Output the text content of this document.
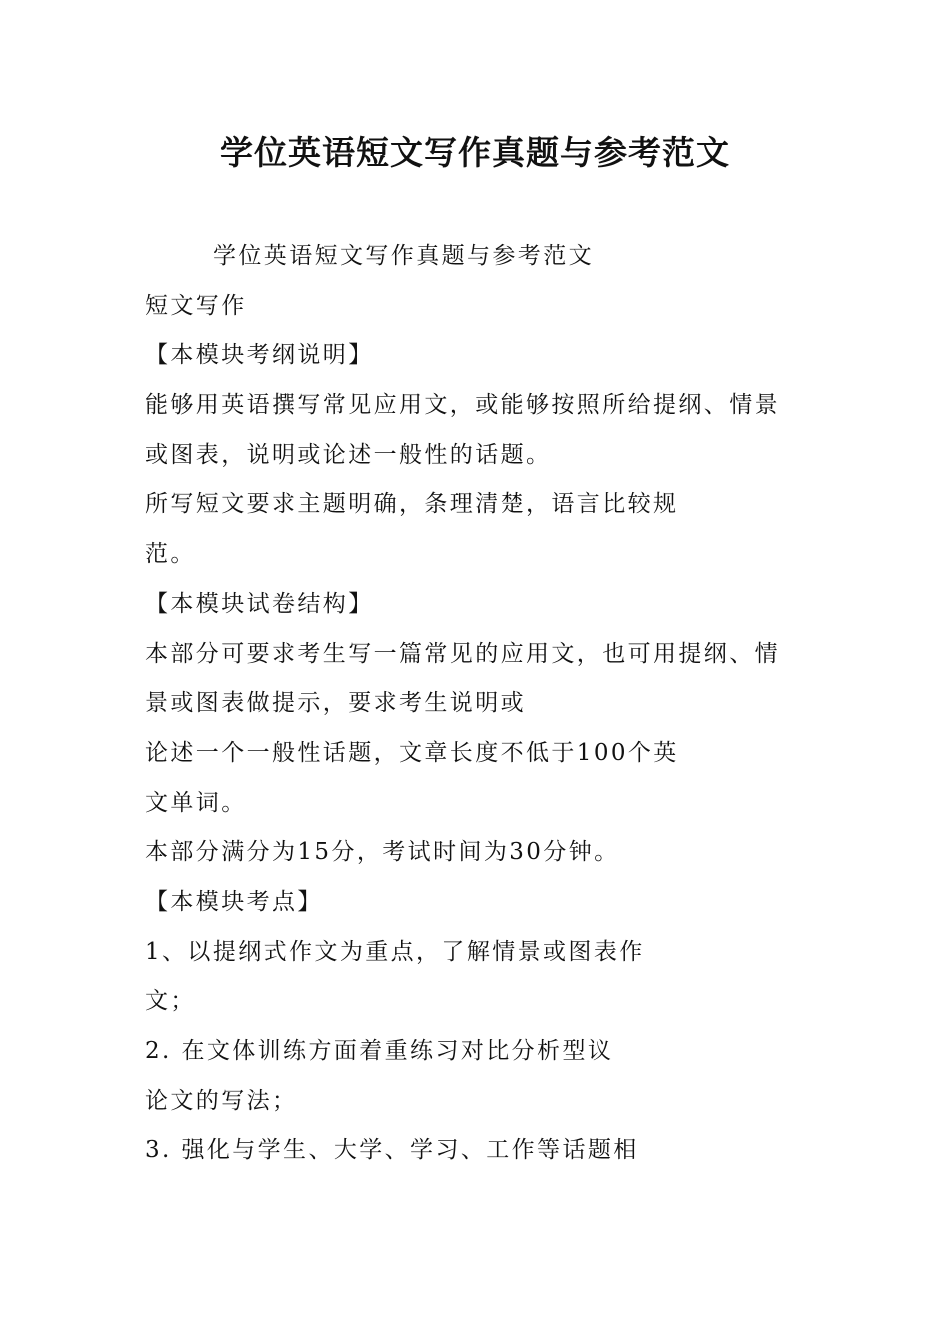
学位英语短文写作真题与参考范文

学位英语短文写作真题与参考范文

短文写作

【本模块考纲说明】

能够用英语撰写常见应用文，或能够按照所给提纲、情景

或图表，说明或论述一般性的话题。

所写短文要求主题明确，条理清楚，语言比较规

范。

【本模块试卷结构】

本部分可要求考生写一篇常见的应用文，也可用提纲、情

景或图表做提示，要求考生说明或

论述一个一般性话题，文章长度不低于100个英

文单词。

本部分满分为15分，考试时间为30分钟。

【本模块考点】

1、以提纲式作文为重点，了解情景或图表作

文；

2. 在文体训练方面着重练习对比分析型议

论文的写法；

3. 强化与学生、大学、学习、工作等话题相
